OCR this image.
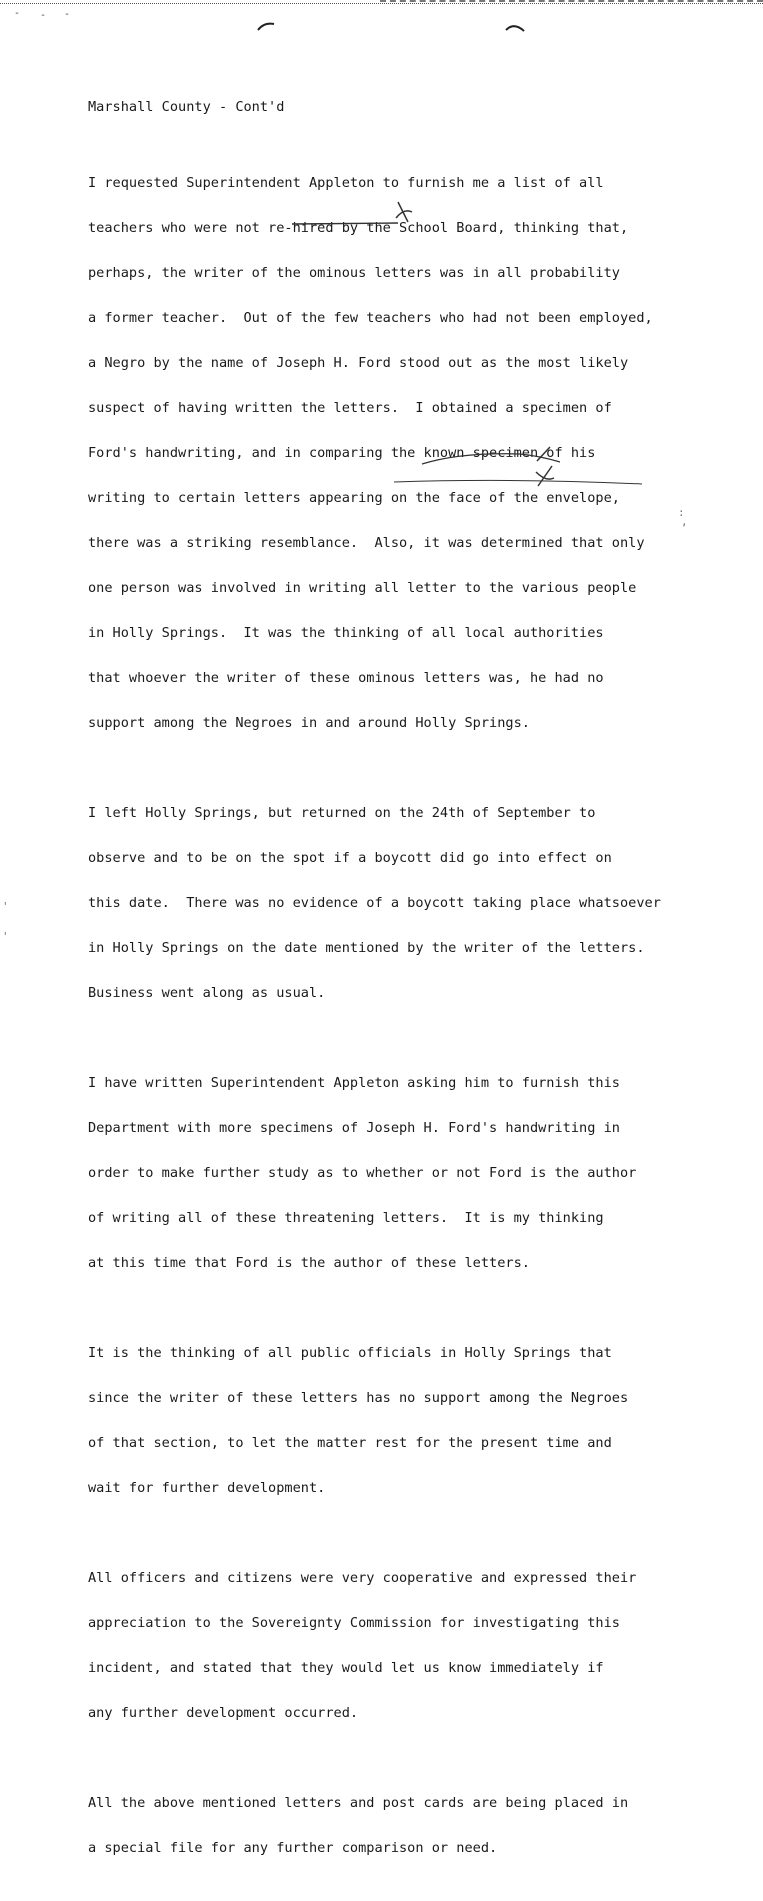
- - -
Marshall County - Cont'd

I requested Superintendent Appleton to furnish me a list of all

teachers who were not re-hired by the School Board, thinking that,

perhaps, the writer of the ominous letters was in all probability

a former teacher.  Out of the few teachers who had not been employed,

a Negro by the name of Joseph H. Ford stood out as the most likely

suspect of having written the letters.  I obtained a specimen of

Ford's handwriting, and in comparing the known specimen of his

writing to certain letters appearing on the face of the envelope,

there was a striking resemblance.  Also, it was determined that only

one person was involved in writing all letter to the various people

in Holly Springs.  It was the thinking of all local authorities

that whoever the writer of these ominous letters was, he had no

support among the Negroes in and around Holly Springs.

I left Holly Springs, but returned on the 24th of September to

observe and to be on the spot if a boycott did go into effect on

this date.  There was no evidence of a boycott taking place whatsoever

in Holly Springs on the date mentioned by the writer of the letters.

Business went along as usual.

I have written Superintendent Appleton asking him to furnish this

Department with more specimens of Joseph H. Ford's handwriting in

order to make further study as to whether or not Ford is the author

of writing all of these threatening letters.  It is my thinking

at this time that Ford is the author of these letters.

It is the thinking of all public officials in Holly Springs that

since the writer of these letters has no support among the Negroes

of that section, to let the matter rest for the present time and

wait for further development.

All officers and citizens were very cooperative and expressed their

appreciation to the Sovereignty Commission for investigating this

incident, and stated that they would let us know immediately if

any further development occurred.

All the above mentioned letters and post cards are being placed in

a special file for any further comparison or need.

:
,
'
'
